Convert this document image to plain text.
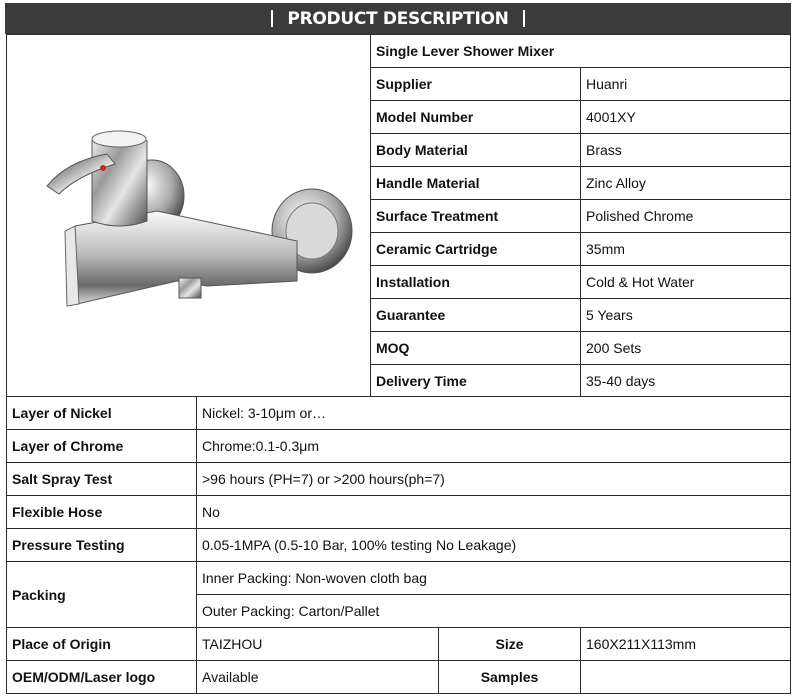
PRODUCT DESCRIPTION
	Single Lever Shower Mixer	
	Supplier	Huanri
	Model Number	4001XY
	Body Material	Brass
	Handle Material	Zinc Alloy
	Surface Treatment	Polished Chrome
	Ceramic Cartridge	35mm
	Installation	Cold & Hot Water
	Guarantee	5 Years
	MOQ	200 Sets
	Delivery Time	35-40 days
Layer of Nickel	Nickel: 3-10μm or…		
Layer of Chrome	Chrome:0.1-0.3μm		
Salt Spray Test	>96 hours (PH=7) or >200 hours(ph=7)		
Flexible Hose	No		
Pressure Testing	0.05-1MPA (0.5-10 Bar, 100% testing No Leakage)		
Packing	Inner Packing: Non-woven cloth bag		
	Outer Packing: Carton/Pallet		
Place of Origin	TAIZHOU	Size	160X211X113mm
OEM/ODM/Laser logo	Available	Samples	
